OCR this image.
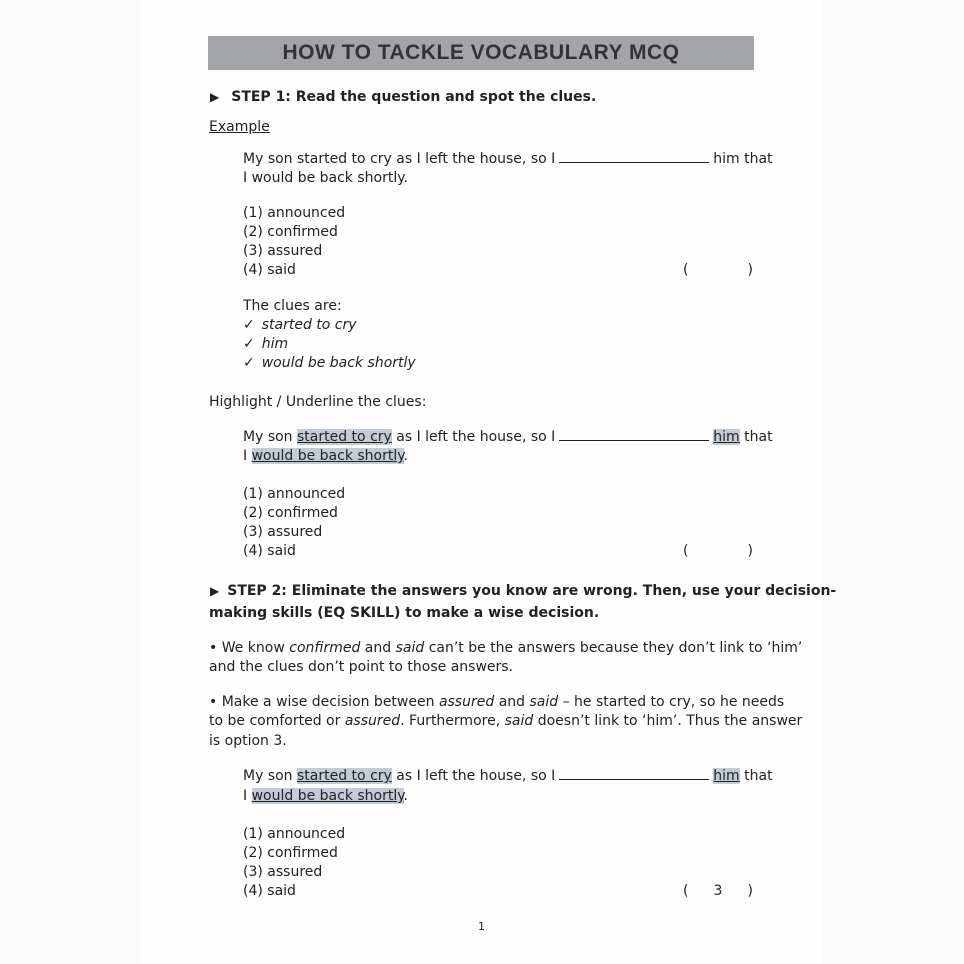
HOW TO TACKLE VOCABULARY MCQ
▶ STEP 1: Read the question and spot the clues.
Example
My son started to cry as I left the house, so I	him that
I would be back shortly.
(1) announced
(2) confirmed
(3) assured
(4) said	(	)
The clues are:
✓ started to cry
✓ him
✓ would be back shortly
Highlight / Underline the clues:
My son started to cry as I left the house, so I	him that
I would be back shortly.
(1) announced
(2) confirmed
(3) assured
(4) said	(	)
▶ STEP 2: Eliminate the answers you know are wrong. Then, use your decision-
making skills (EQ SKILL) to make a wise decision.
• We know confirmed and said can’t be the answers because they don’t link to ‘him’
and the clues don’t point to those answers.
• Make a wise decision between assured and said – he started to cry, so he needs
to be comforted or assured. Furthermore, said doesn’t link to ‘him’. Thus the answer
is option 3.
My son started to cry as I left the house, so I	him that
I would be back shortly.
(1) announced
(2) confirmed
(3) assured
(4) said	( 3 )
1
